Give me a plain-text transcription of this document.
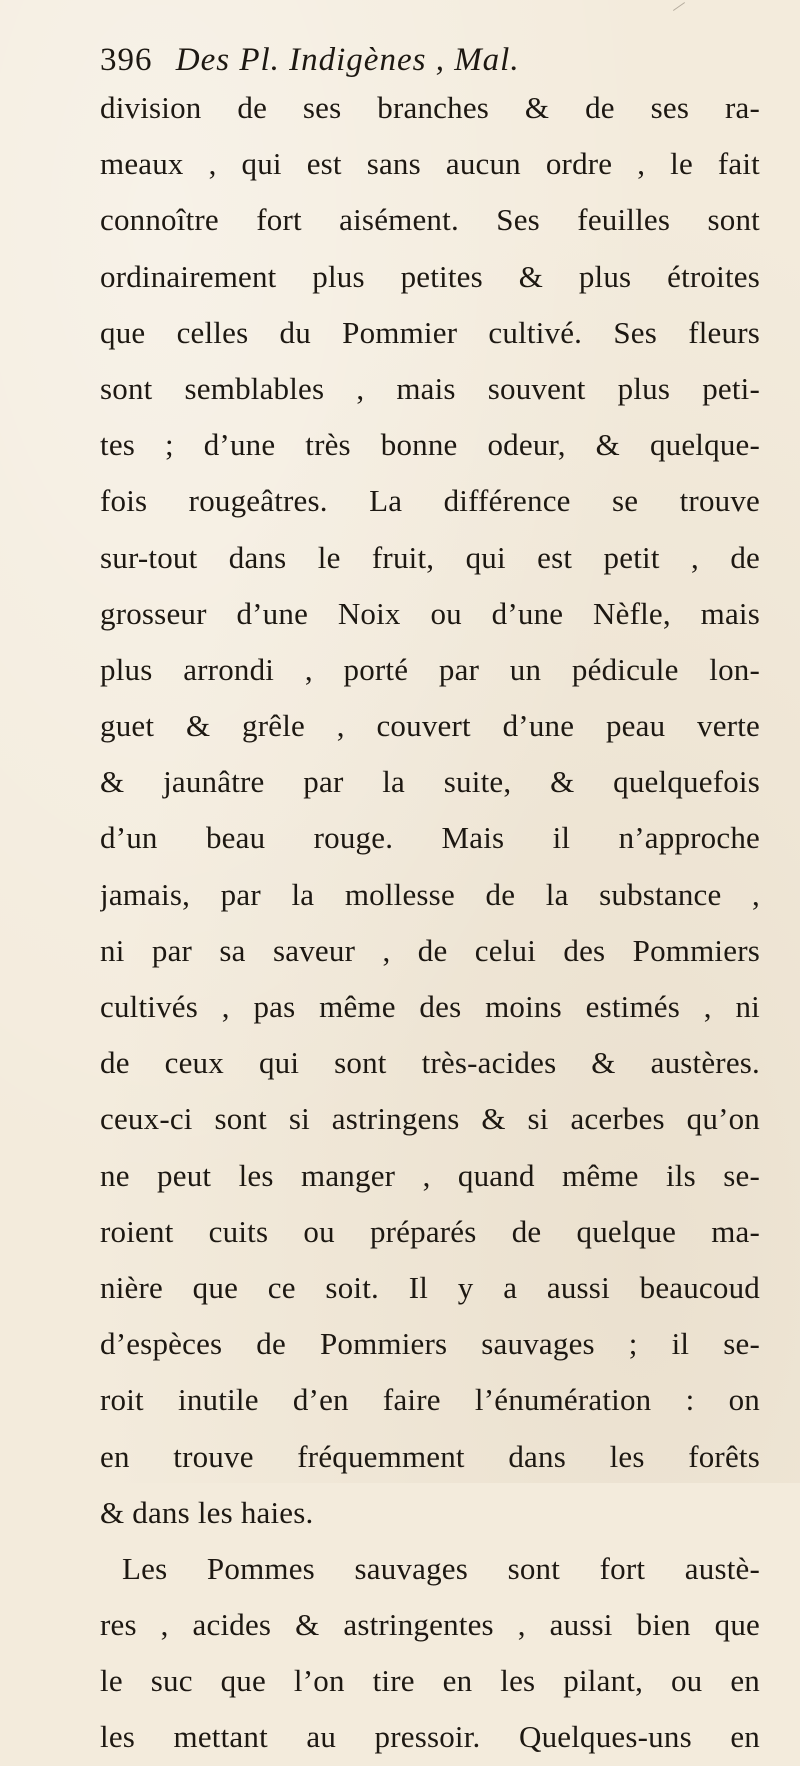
396 Des Pl. Indigènes , Mal.
division de ses branches & de ses ra-
meaux , qui est sans aucun ordre , le fait
connoître fort aisément. Ses feuilles sont
ordinairement plus petites & plus étroites
que celles du Pommier cultivé. Ses fleurs
sont semblables , mais souvent plus peti-
tes ; d’une très bonne odeur, & quelque-
fois rougeâtres. La différence se trouve
sur-tout dans le fruit, qui est petit , de
grosseur d’une Noix ou d’une Nèfle, mais
plus arrondi , porté par un pédicule lon-
guet & grêle , couvert d’une peau verte
& jaunâtre par la suite, & quelquefois
d’un beau rouge. Mais il n’approche
jamais, par la mollesse de la substance ,
ni par sa saveur , de celui des Pommiers
cultivés , pas même des moins estimés , ni
de ceux qui sont très-acides & austères.
ceux-ci sont si astringens & si acerbes qu’on
ne peut les manger , quand même ils se-
roient cuits ou préparés de quelque ma-
nière que ce soit. Il y a aussi beaucoud
d’espèces de Pommiers sauvages ; il se-
roit inutile d’en faire l’énumération : on
en trouve fréquemment dans les forêts
& dans les haies.
Les Pommes sauvages sont fort austè-
res , acides & astringentes , aussi bien que
le suc que l’on tire en les pilant, ou en
les mettant au pressoir. Quelques-uns en
